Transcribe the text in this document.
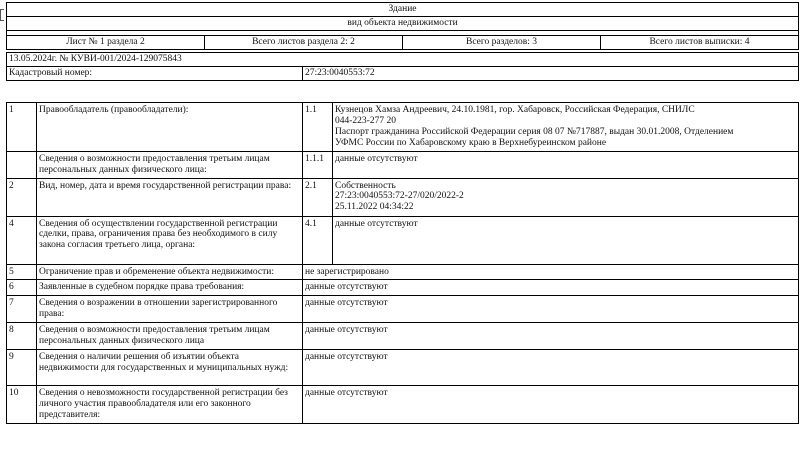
Здание
вид объекта недвижимости

Лист № 1 раздела 2	Всего листов раздела 2: 2	Всего разделов: 3	Всего листов выписки: 4
13.05.2024г. № КУВИ-001/2024-129075843
Кадастровый номер:	27:23:0040553:72
1	Правообладатель (правообладатели):	1.1	Кузнецов Хамза Андреевич, 24.10.1981, гор. Хабаровск, Российская Федерация, СНИЛС
044-223-277 20
Паспорт гражданина Российской Федерации серия 08 07 №717887, выдан 30.01.2008, Отделением
УФМС России по Хабаровскому краю в Верхнебуреинском районе

	Сведения о возможности предоставления третьим лицам персональных данных физического лица:	1.1.1	данные отсутствуют

2	Вид, номер, дата и время государственной регистрации права:	2.1	Собственность
27:23:0040553:72-27/020/2022-2
25.11.2022 04:34:22

4	Сведения об осуществлении государственной регистрации сделки, права, ограничения права без необходимого в силу закона согласия третьего лица, органа:	4.1	данные отсутствуют

5	Ограничение прав и обременение объекта недвижимости:	не зарегистрировано	
6	Заявленные в судебном порядке права требования:	данные отсутствуют	
7	Сведения о возражении в отношении зарегистрированного права:	данные отсутствуют	
8	Сведения о возможности предоставления третьим лицам персональных данных физического лица	данные отсутствуют	
9	Сведения о наличии решения об изъятии объекта недвижимости для государственных и муниципальных нужд:	данные отсутствуют	
10	Сведения о невозможности государственной регистрации без личного участия правообладателя или его законного представителя:	данные отсутствуют	
